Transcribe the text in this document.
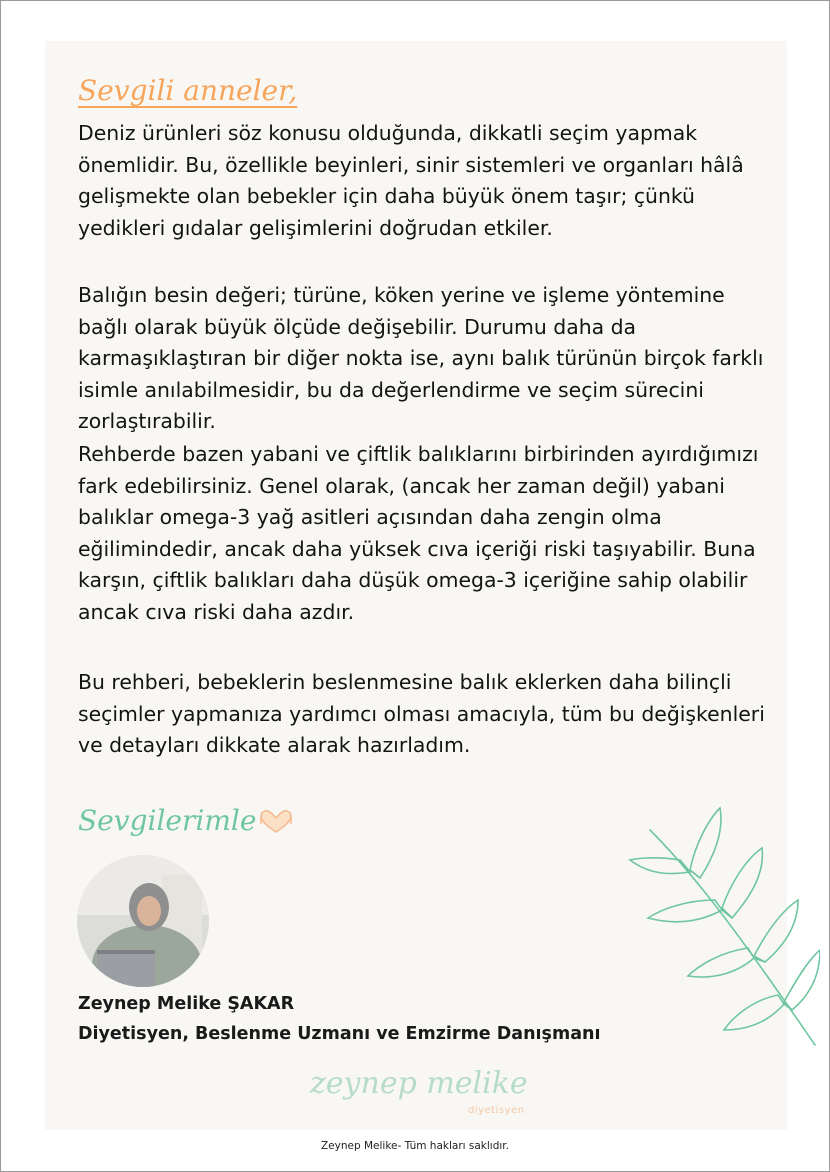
Sevgili anneler,

Deniz ürünleri söz konusu olduğunda, dikkatli seçim yapmak önemlidir. Bu, özellikle beyinleri, sinir sistemleri ve organları hâlâ gelişmekte olan bebekler için daha büyük önem taşır; çünkü yedikleri gıdalar gelişimlerini doğrudan etkiler.

Balığın besin değeri; türüne, köken yerine ve işleme yöntemine bağlı olarak büyük ölçüde değişebilir. Durumu daha da karmaşıklaştıran bir diğer nokta ise, aynı balık türünün birçok farklı isimle anılabilmesidir, bu da değerlendirme ve seçim sürecini zorlaştırabilir.

Rehberde bazen yabani ve çiftlik balıklarını birbirinden ayırdığımızı fark edebilirsiniz. Genel olarak, (ancak her zaman değil) yabani balıklar omega-3 yağ asitleri açısından daha zengin olma eğilimindedir, ancak daha yüksek cıva içeriği riski taşıyabilir. Buna karşın, çiftlik balıkları daha düşük omega-3 içeriğine sahip olabilir ancak cıva riski daha azdır.

Bu rehberi, bebeklerin beslenmesine balık eklerken daha bilinçli seçimler yapmanıza yardımcı olması amacıyla, tüm bu değişkenleri ve detayları dikkate alarak hazırladım.

Sevgilerimle
Zeynep Melike ŞAKAR
Diyetisyen, Beslenme Uzmanı ve Emzirme Danışmanı
zeynep melike
diyetisyen
Zeynep Melike- Tüm hakları saklıdır.
